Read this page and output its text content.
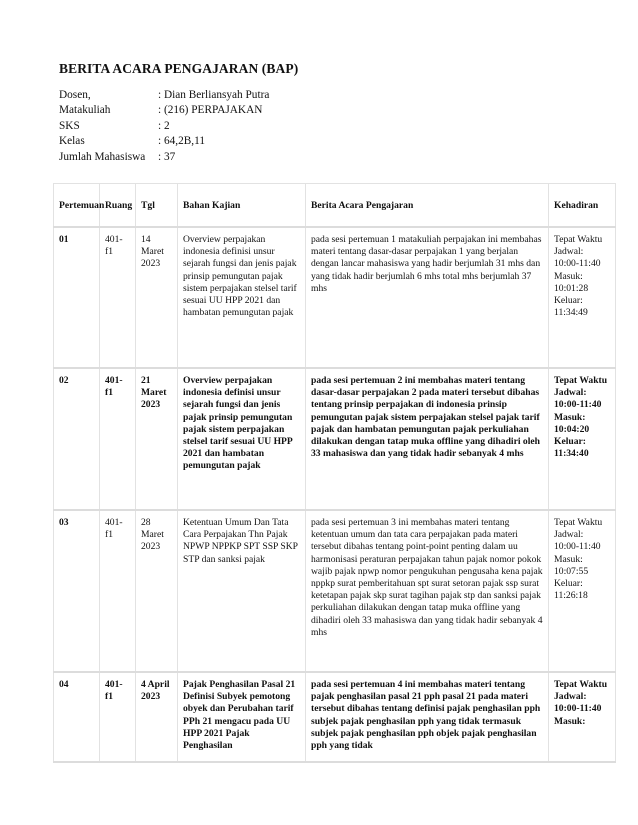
BERITA ACARA PENGAJARAN (BAP)
Dosen,	: Dian Berliansyah Putra
Matakuliah	: (216) PERPAJAKAN
SKS	: 2
Kelas	: 64,2B,11
Jumlah Mahasiswa	: 37
Pertemuan	Ruang	Tgl	Bahan Kajian	Berita Acara Pengajaran	Kehadiran
01	401-f1	14 Maret 2023	Overview perpajakan indonesia definisi unsur sejarah fungsi dan jenis pajak prinsip pemungutan pajak sistem perpajakan stelsel tarif sesuai UU HPP 2021 dan hambatan pemungutan pajak	pada sesi pertemuan 1 matakuliah perpajakan ini membahas materi tentang dasar-dasar perpajakan 1 yang berjalan dengan lancar mahasiswa yang hadir berjumlah 31 mhs dan yang tidak hadir berjumlah 6 mhs total mhs berjumlah 37 mhs	Tepat Waktu Jadwal: 10:00-11:40 Masuk: 10:01:28 Keluar: 11:34:49
02	401-f1	21 Maret 2023	Overview perpajakan indonesia definisi unsur sejarah fungsi dan jenis pajak prinsip pemungutan pajak sistem perpajakan stelsel tarif sesuai UU HPP 2021 dan hambatan pemungutan pajak	pada sesi pertemuan 2 ini membahas materi tentang dasar-dasar perpajakan 2 pada materi tersebut dibahas tentang prinsip perpajakan di indonesia prinsip pemungutan pajak sistem perpajakan stelsel pajak tarif pajak dan hambatan pemungutan pajak perkuliahan dilakukan dengan tatap muka offline yang dihadiri oleh 33 mahasiswa dan yang tidak hadir sebanyak 4 mhs	Tepat Waktu Jadwal: 10:00-11:40 Masuk: 10:04:20 Keluar: 11:34:40
03	401-f1	28 Maret 2023	Ketentuan Umum Dan Tata Cara Perpajakan Thn Pajak NPWP NPPKP SPT SSP SKP STP dan sanksi pajak	pada sesi pertemuan 3 ini membahas materi tentang ketentuan umum dan tata cara perpajakan pada materi tersebut dibahas tentang point-point penting dalam uu harmonisasi peraturan perpajakan tahun pajak nomor pokok wajib pajak npwp nomor pengukuhan pengusaha kena pajak nppkp surat pemberitahuan spt surat setoran pajak ssp surat ketetapan pajak skp surat tagihan pajak stp dan sanksi pajak perkuliahan dilakukan dengan tatap muka offline yang dihadiri oleh 33 mahasiswa dan yang tidak hadir sebanyak 4 mhs	Tepat Waktu Jadwal: 10:00-11:40 Masuk: 10:07:55 Keluar: 11:26:18
04	401-f1	4 April 2023	Pajak Penghasilan Pasal 21 Definisi Subyek pemotong obyek dan Perubahan tarif PPh 21 mengacu pada UU HPP 2021 Pajak Penghasilan	pada sesi pertemuan 4 ini membahas materi tentang pajak penghasilan pasal 21 pph pasal 21 pada materi tersebut dibahas tentang definisi pajak penghasilan pph subjek pajak penghasilan pph yang tidak termasuk subjek pajak penghasilan pph objek pajak penghasilan pph yang tidak	Tepat Waktu Jadwal: 10:00-11:40 Masuk:
